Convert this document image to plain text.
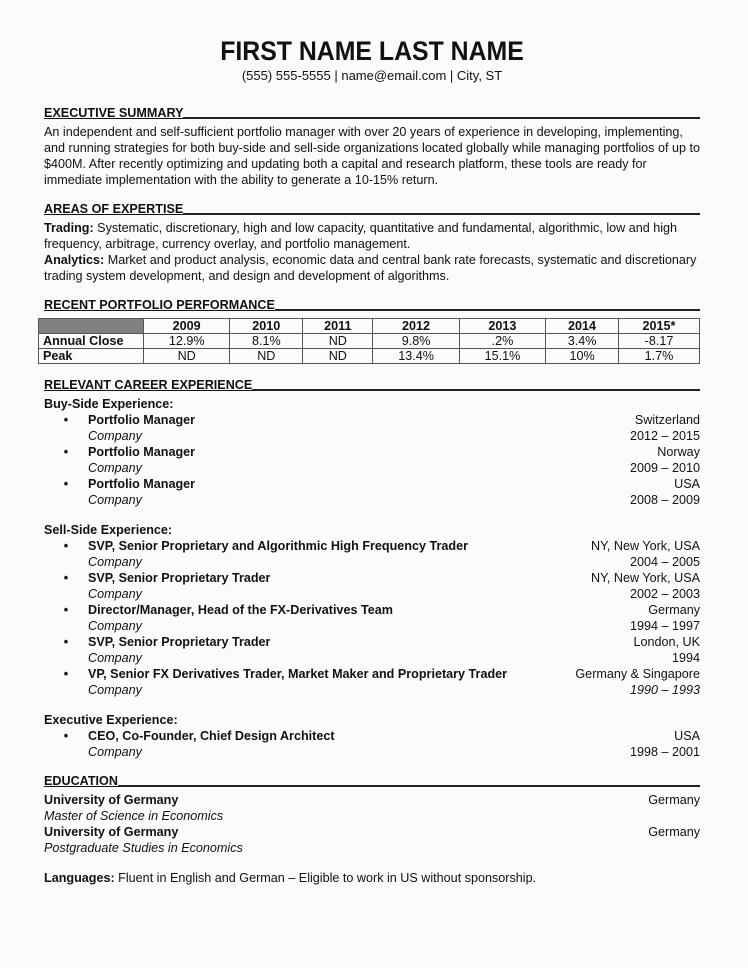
FIRST NAME LAST NAME
(555) 555-5555 | name@email.com | City, ST
EXECUTIVE SUMMARY
An independent and self-sufficient portfolio manager with over 20 years of experience in developing, implementing, and running strategies for both buy-side and sell-side organizations located globally while managing portfolios of up to $400M. After recently optimizing and updating both a capital and research platform, these tools are ready for immediate implementation with the ability to generate a 10-15% return.
AREAS OF EXPERTISE
Trading: Systematic, discretionary, high and low capacity, quantitative and fundamental, algorithmic, low and high frequency, arbitrage, currency overlay, and portfolio management.
Analytics: Market and product analysis, economic data and central bank rate forecasts, systematic and discretionary trading system development, and design and development of algorithms.
RECENT PORTFOLIO PERFORMANCE
	2009	2010	2011	2012	2013	2014	2015*
Annual Close	12.9%	8.1%	ND	9.8%	.2%	3.4%	-8.17
Peak	ND	ND	ND	13.4%	15.1%	10%	1.7%
RELEVANT CAREER EXPERIENCE
Buy-Side Experience:
•	Portfolio Manager	Switzerland
Company	2012 – 2015
•	Portfolio Manager	Norway
Company	2009 – 2010
•	Portfolio Manager	USA
Company	2008 – 2009
Sell-Side Experience:
•	SVP, Senior Proprietary and Algorithmic High Frequency Trader	NY, New York, USA
Company	2004 – 2005
•	SVP, Senior Proprietary Trader	NY, New York, USA
Company	2002 – 2003
•	Director/Manager, Head of the FX-Derivatives Team	Germany
Company	1994 – 1997
•	SVP, Senior Proprietary Trader	London, UK
Company	1994
•	VP, Senior FX Derivatives Trader, Market Maker and Proprietary Trader	Germany & Singapore
Company	1990 – 1993
Executive Experience:
•	CEO, Co-Founder, Chief Design Architect	USA
Company	1998 – 2001
EDUCATION
University of Germany	Germany
Master of Science in Economics
University of Germany	Germany
Postgraduate Studies in Economics
Languages: Fluent in English and German – Eligible to work in US without sponsorship.
